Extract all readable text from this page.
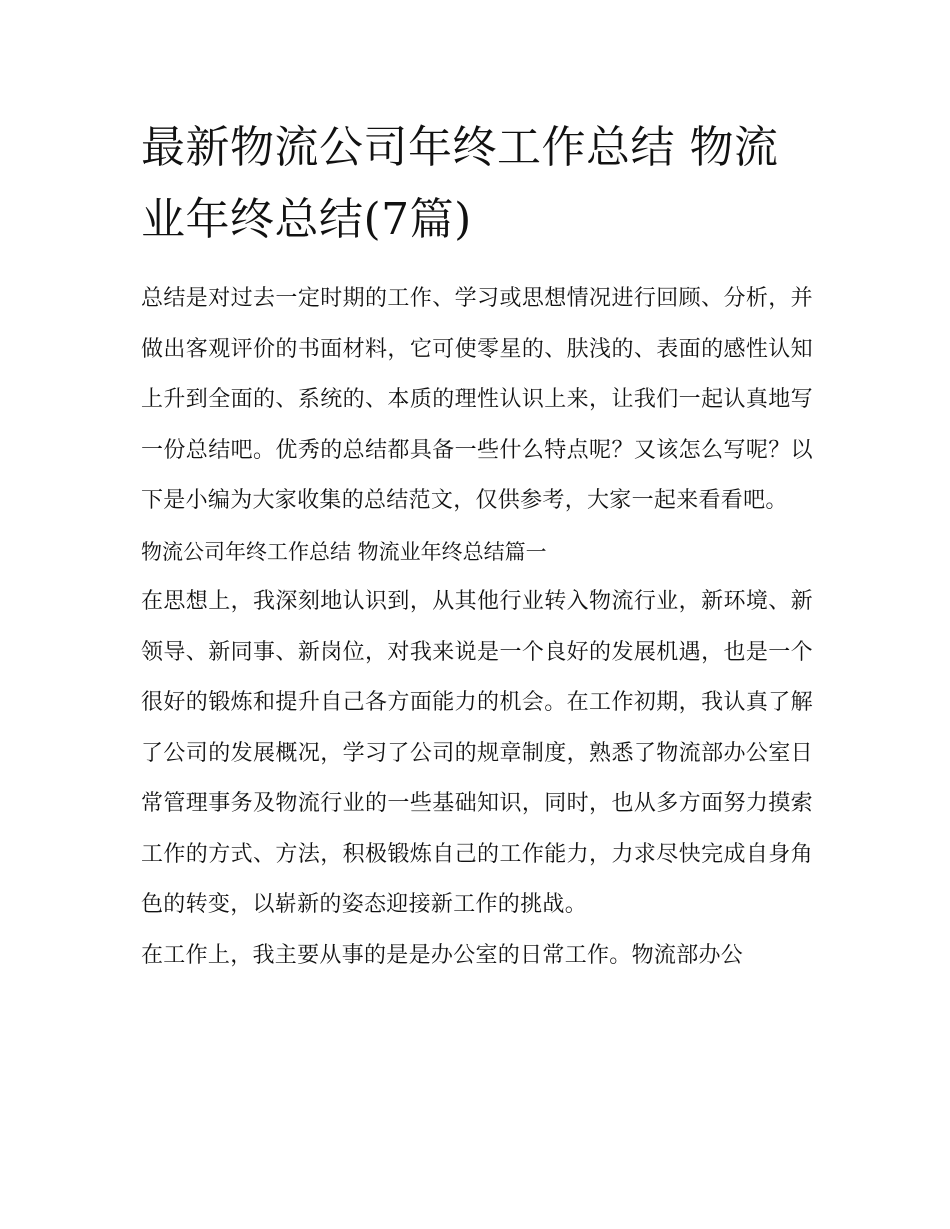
最新物流公司年终工作总结 物流业年终总结(7篇)

总结是对过去一定时期的工作、学习或思想情况进行回顾、分析，并做出客观评价的书面材料，它可使零星的、肤浅的、表面的感性认知上升到全面的、系统的、本质的理性认识上来，让我们一起认真地写一份总结吧。优秀的总结都具备一些什么特点呢？又该怎么写呢？以下是小编为大家收集的总结范文，仅供参考，大家一起来看看吧。

物流公司年终工作总结 物流业年终总结篇一

在思想上，我深刻地认识到，从其他行业转入物流行业，新环境、新领导、新同事、新岗位，对我来说是一个良好的发展机遇，也是一个很好的锻炼和提升自己各方面能力的机会。在工作初期，我认真了解了公司的发展概况，学习了公司的规章制度，熟悉了物流部办公室日常管理事务及物流行业的一些基础知识，同时，也从多方面努力摸索工作的方式、方法，积极锻炼自己的工作能力，力求尽快完成自身角色的转变，以崭新的姿态迎接新工作的挑战。

在工作上，我主要从事的是是办公室的日常工作。物流部办公
